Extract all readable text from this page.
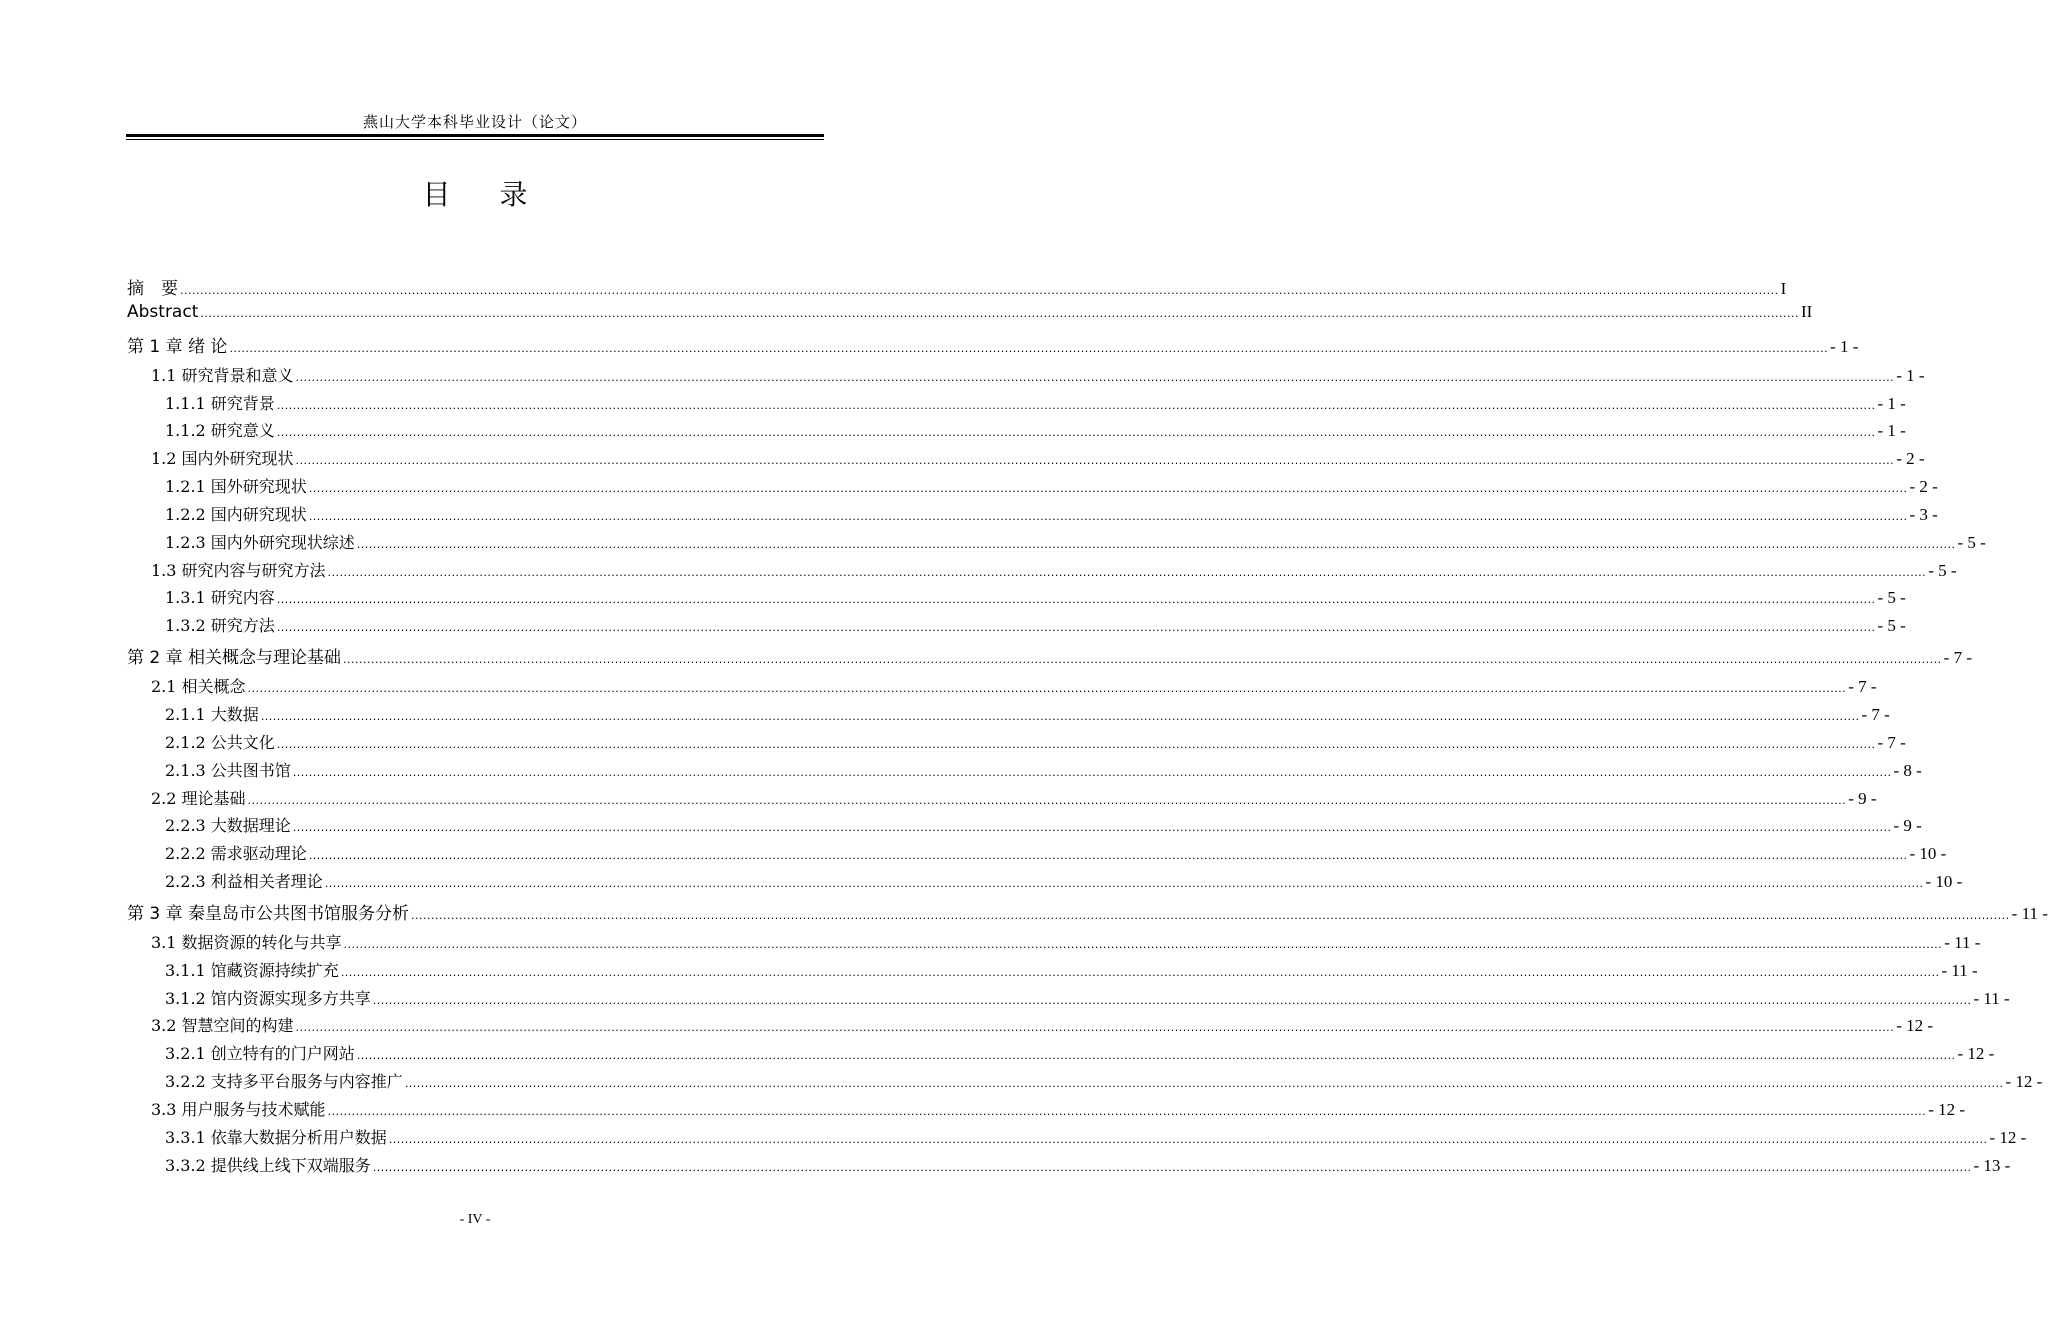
燕山大学本科毕业设计（论文）
目 录
摘　要 ................................................................................................................................................................................................................................................................................................................................................................................................................ I
Abstract ................................................................................................................................................................................................................................................................................................................................................................................................................ II
第 1 章 绪 论 ................................................................................................................................................................................................................................................................................................................................................................................................................ - 1 -
1.1 研究背景和意义 ................................................................................................................................................................................................................................................................................................................................................................................................................ - 1 -
1.1.1 研究背景 ................................................................................................................................................................................................................................................................................................................................................................................................................ - 1 -
1.1.2 研究意义 ................................................................................................................................................................................................................................................................................................................................................................................................................ - 1 -
1.2 国内外研究现状 ................................................................................................................................................................................................................................................................................................................................................................................................................ - 2 -
1.2.1 国外研究现状 ................................................................................................................................................................................................................................................................................................................................................................................................................ - 2 -
1.2.2 国内研究现状 ................................................................................................................................................................................................................................................................................................................................................................................................................ - 3 -
1.2.3 国内外研究现状综述 ................................................................................................................................................................................................................................................................................................................................................................................................................ - 5 -
1.3 研究内容与研究方法 ................................................................................................................................................................................................................................................................................................................................................................................................................ - 5 -
1.3.1 研究内容 ................................................................................................................................................................................................................................................................................................................................................................................................................ - 5 -
1.3.2 研究方法 ................................................................................................................................................................................................................................................................................................................................................................................................................ - 5 -
第 2 章 相关概念与理论基础 ................................................................................................................................................................................................................................................................................................................................................................................................................ - 7 -
2.1 相关概念 ................................................................................................................................................................................................................................................................................................................................................................................................................ - 7 -
2.1.1 大数据 ................................................................................................................................................................................................................................................................................................................................................................................................................ - 7 -
2.1.2 公共文化 ................................................................................................................................................................................................................................................................................................................................................................................................................ - 7 -
2.1.3 公共图书馆 ................................................................................................................................................................................................................................................................................................................................................................................................................ - 8 -
2.2 理论基础 ................................................................................................................................................................................................................................................................................................................................................................................................................ - 9 -
2.2.3 大数据理论 ................................................................................................................................................................................................................................................................................................................................................................................................................ - 9 -
2.2.2 需求驱动理论 ................................................................................................................................................................................................................................................................................................................................................................................................................ - 10 -
2.2.3 利益相关者理论 ................................................................................................................................................................................................................................................................................................................................................................................................................ - 10 -
第 3 章 秦皇岛市公共图书馆服务分析 ................................................................................................................................................................................................................................................................................................................................................................................................................ - 11 -
3.1 数据资源的转化与共享 ................................................................................................................................................................................................................................................................................................................................................................................................................ - 11 -
3.1.1 馆藏资源持续扩充 ................................................................................................................................................................................................................................................................................................................................................................................................................ - 11 -
3.1.2 馆内资源实现多方共享 ................................................................................................................................................................................................................................................................................................................................................................................................................ - 11 -
3.2 智慧空间的构建 ................................................................................................................................................................................................................................................................................................................................................................................................................ - 12 -
3.2.1 创立特有的门户网站 ................................................................................................................................................................................................................................................................................................................................................................................................................ - 12 -
3.2.2 支持多平台服务与内容推广 ................................................................................................................................................................................................................................................................................................................................................................................................................ - 12 -
3.3 用户服务与技术赋能 ................................................................................................................................................................................................................................................................................................................................................................................................................ - 12 -
3.3.1 依靠大数据分析用户数据 ................................................................................................................................................................................................................................................................................................................................................................................................................ - 12 -
3.3.2 提供线上线下双端服务 ................................................................................................................................................................................................................................................................................................................................................................................................................ - 13 -
- IV -
